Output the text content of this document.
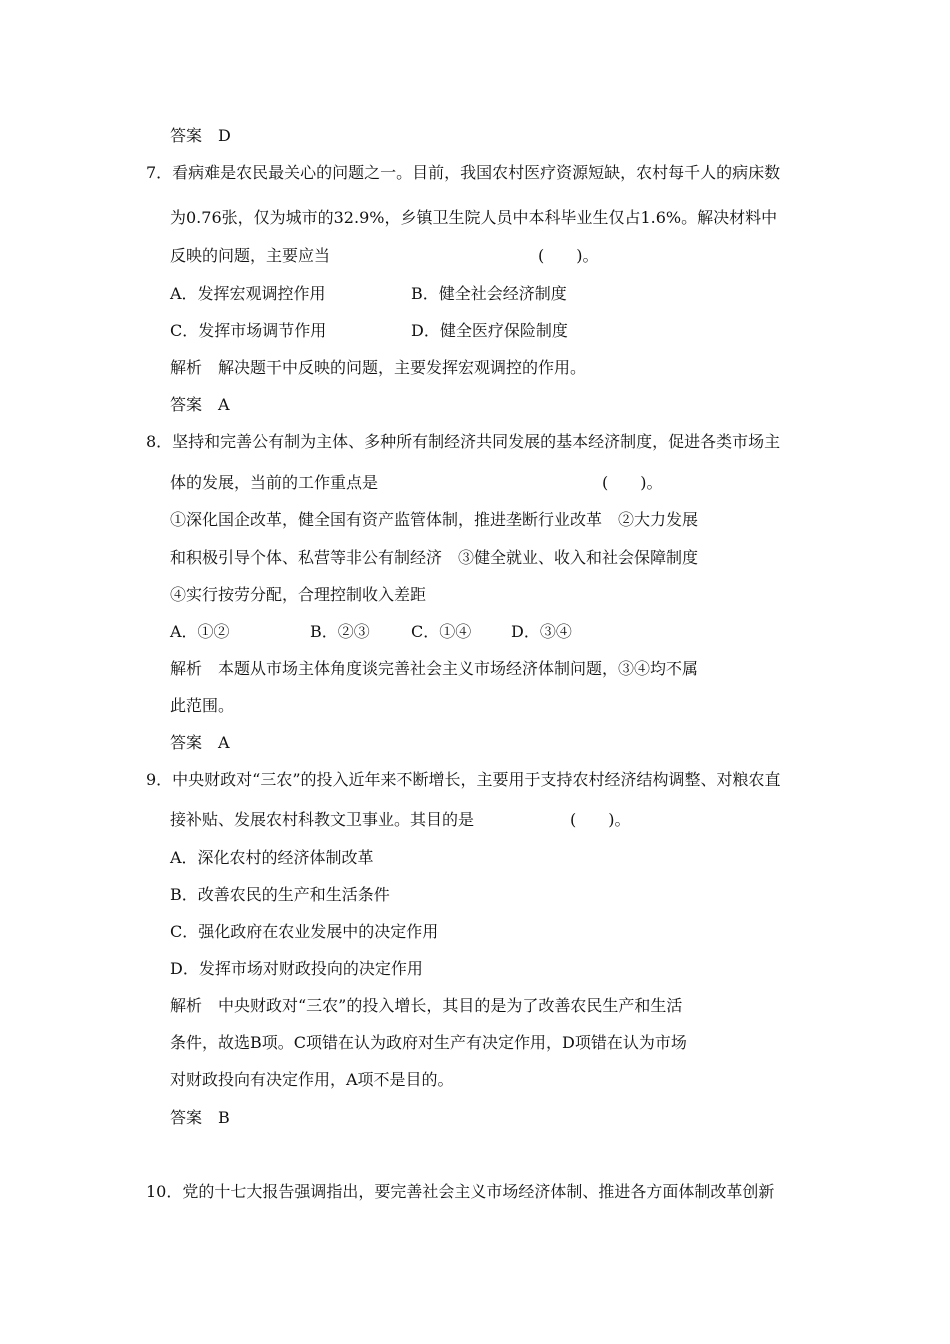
答案　D

7．看病难是农民最关心的问题之一。目前，我国农村医疗资源短缺，农村每千人的病床数

为0.76张，仅为城市的32.9%，乡镇卫生院人员中本科毕业生仅占1.6%。解决材料中

反映的问题，主要应当　　　　　　　　　　　　　(　　)。

A．发挥宏观调控作用	B．健全社会经济制度

C．发挥市场调节作用	D．健全医疗保险制度

解析　解决题干中反映的问题，主要发挥宏观调控的作用。

答案　A

8．坚持和完善公有制为主体、多种所有制经济共同发展的基本经济制度，促进各类市场主

体的发展，当前的工作重点是　　　　　　　　　　　　　　(　　)。

①深化国企改革，健全国有资产监管体制，推进垄断行业改革　②大力发展

和积极引导个体、私营等非公有制经济　③健全就业、收入和社会保障制度

④实行按劳分配，合理控制收入差距

A．①②	B．②③	C．①④ D．③④

解析　本题从市场主体角度谈完善社会主义市场经济体制问题，③④均不属

此范围。

答案　A

9．中央财政对“三农”的投入近年来不断增长，主要用于支持农村经济结构调整、对粮农直

接补贴、发展农村科教文卫事业。其目的是　　　　　　(　　)。

A．深化农村的经济体制改革

B．改善农民的生产和生活条件

C．强化政府在农业发展中的决定作用

D．发挥市场对财政投向的决定作用

解析　中央财政对“三农”的投入增长，其目的是为了改善农民生产和生活

条件，故选B项。C项错在认为政府对生产有决定作用，D项错在认为市场

对财政投向有决定作用，A项不是目的。

答案　B

10．党的十七大报告强调指出，要完善社会主义市场经济体制、推进各方面体制改革创新
